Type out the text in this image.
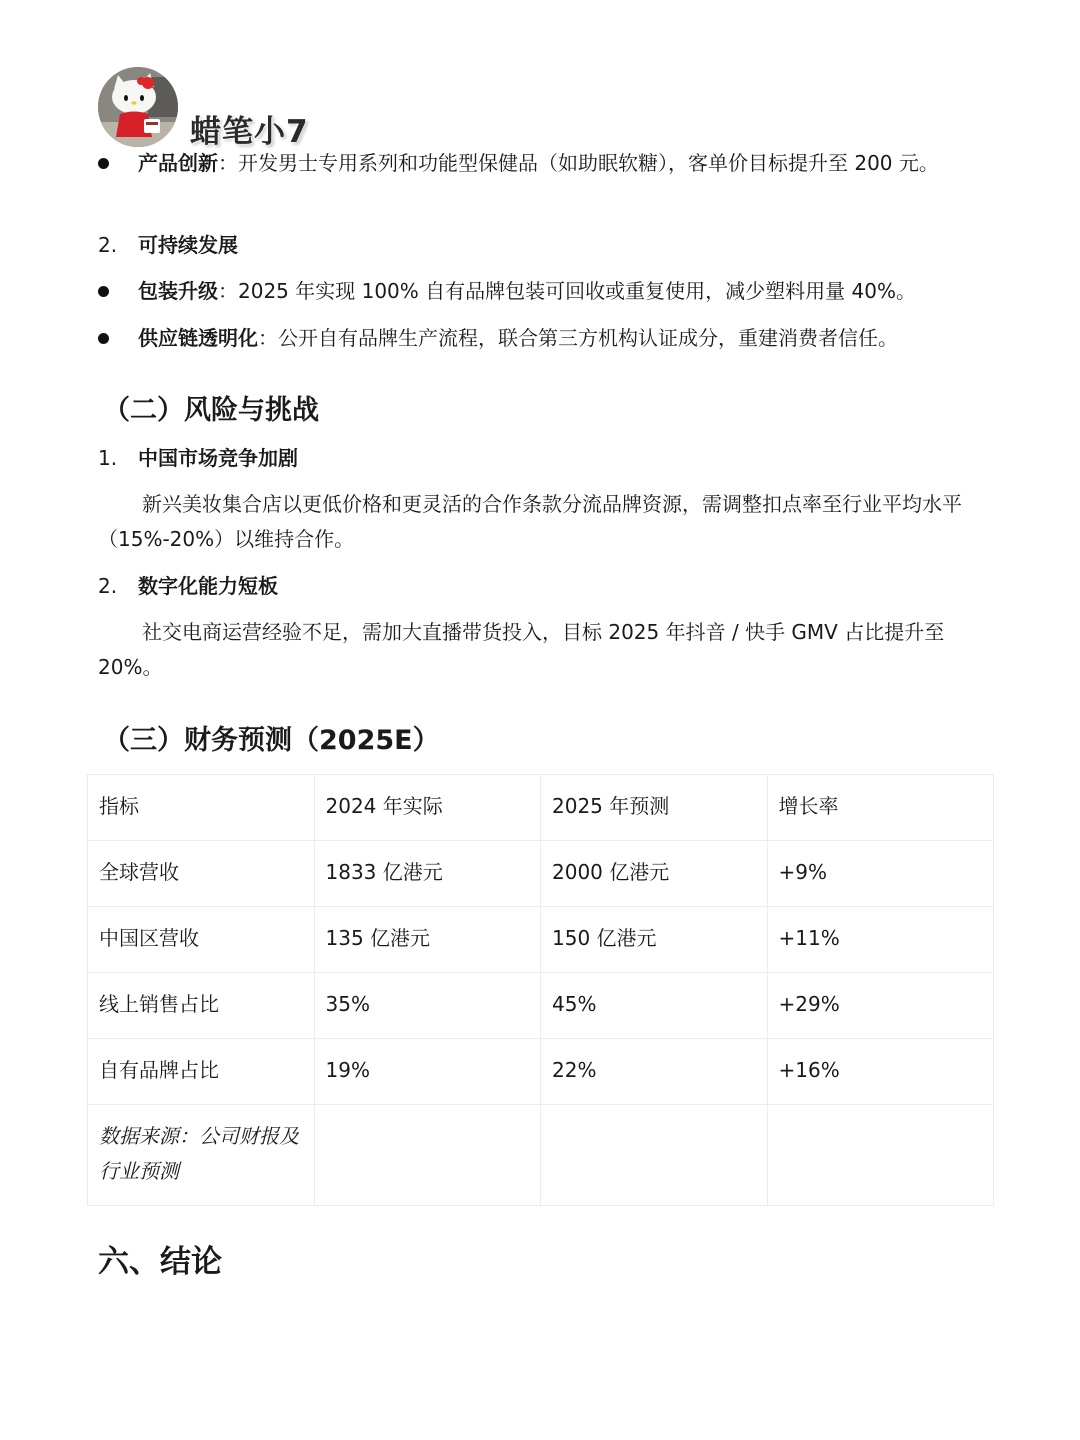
蜡笔小7
产品创新：开发男士专用系列和功能型保健品（如助眠软糖），客单价目标提升至 200 元。
2.	可持续发展
包装升级：2025 年实现 100% 自有品牌包装可回收或重复使用，减少塑料用量 40%。
供应链透明化：公开自有品牌生产流程，联合第三方机构认证成分，重建消费者信任。
（二）风险与挑战
1.	中国市场竞争加剧
新兴美妆集合店以更低价格和更灵活的合作条款分流品牌资源，需调整扣点率至行业平均水平（15%-20%）以维持合作。
2.	数字化能力短板
社交电商运营经验不足，需加大直播带货投入，目标 2025 年抖音 / 快手 GMV 占比提升至 20%。
（三）财务预测（2025E）
指标	2024 年实际	2025 年预测	增长率
全球营收	1833 亿港元	2000 亿港元	+9%
中国区营收	135 亿港元	150 亿港元	+11%
线上销售占比	35%	45%	+29%
自有品牌占比	19%	22%	+16%
数据来源：公司财报及行业预测			
六、结论
